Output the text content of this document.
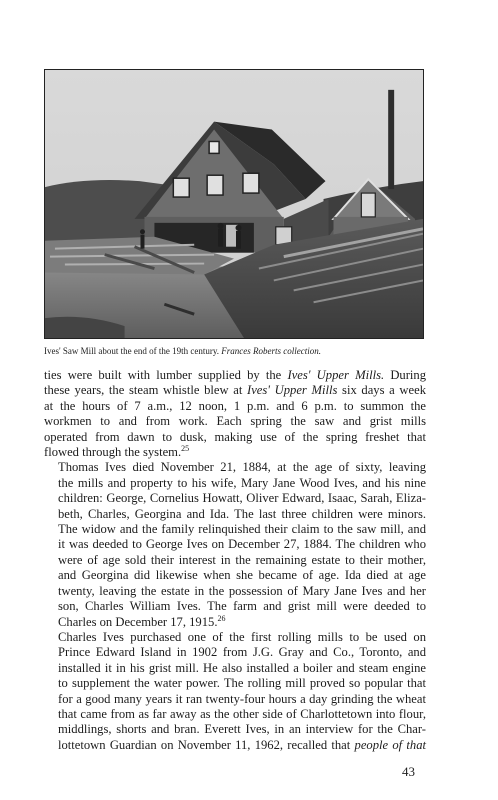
Ives' Saw Mill about the end of the 19th century. Frances Roberts collection.

ties were built with lumber supplied by the Ives' Upper Mills. During
these years, the steam whistle blew at Ives' Upper Mills six days a week
at the hours of 7 a.m., 12 noon, 1 p.m. and 6 p.m. to summon the
workmen to and from work. Each spring the saw and grist mills
operated from dawn to dusk, making use of the spring freshet that
flowed through the system.$^{25}$

Thomas Ives died November 21, 1884, at the age of sixty, leaving
the mills and property to his wife, Mary Jane Wood Ives, and his nine
children: George, Cornelius Howatt, Oliver Edward, Isaac, Sarah, Eliza-
beth, Charles, Georgina and Ida. The last three children were minors.
The widow and the family relinquished their claim to the saw mill, and
it was deeded to George Ives on December 27, 1884. The children who
were of age sold their interest in the remaining estate to their mother,
and Georgina did likewise when she became of age. Ida died at age
twenty, leaving the estate in the possession of Mary Jane Ives and her
son, Charles William Ives. The farm and grist mill were deeded to
Charles on December 17, 1915.26

Charles Ives purchased one of the first rolling mills to be used on
Prince Edward Island in 1902 from J.G. Gray and Co., Toronto, and
installed it in his grist mill. He also installed a boiler and steam engine
to supplement the water power. The rolling mill proved so popular that
for a good many years it ran twenty-four hours a day grinding the wheat
that came from as far away as the other side of Charlottetown into flour,
middlings, shorts and bran. Everett Ives, in an interview for the Char-
lottetown Guardian on November 11, 1962, recalled that people of that

43
